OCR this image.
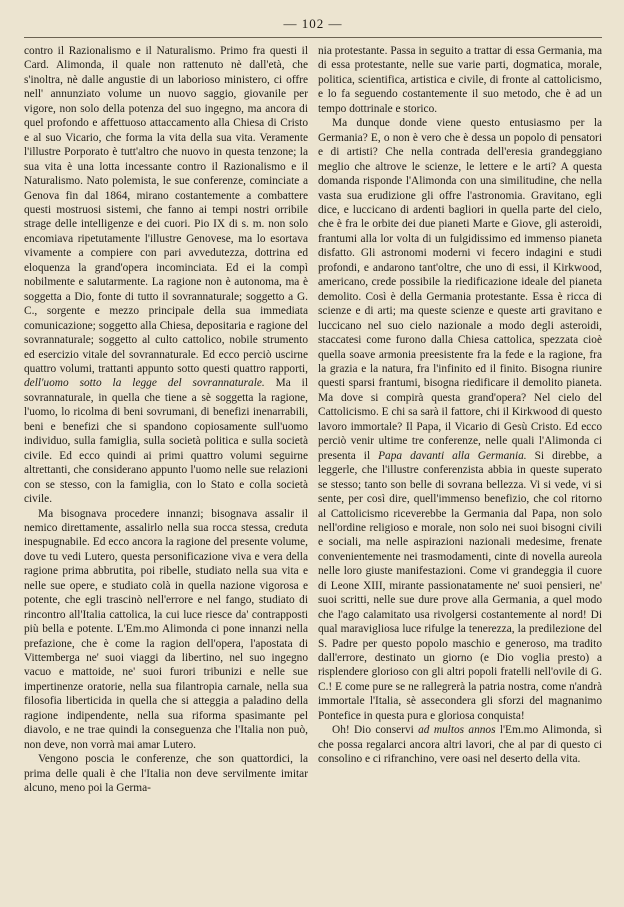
— 102 —

contro il Razionalismo e il Naturalismo. Primo fra questi il Card. Alimonda, il quale non rattenuto nè dall'età, che s'inoltra, nè dalle angustie di un laborioso ministero, ci offre nell' annunziato volume un nuovo saggio, giovanile per vigore, non solo della potenza del suo ingegno, ma ancora di quel profondo e affettuoso attaccamento alla Chiesa di Cristo e al suo Vicario, che forma la vita della sua vita. Veramente l'illustre Porporato è tutt'altro che nuovo in questa tenzone; la sua vita è una lotta incessante contro il Razionalismo e il Naturalismo. Nato polemista, le sue conferenze, cominciate a Genova fin dal 1864, mirano costantemente a combattere questi mostruosi sistemi, che fanno ai tempi nostri orribile strage delle intelligenze e dei cuori. Pio IX di s. m. non solo encomiava ripetutamente l'illustre Genovese, ma lo esortava vivamente a compiere con pari avvedutezza, dottrina ed eloquenza la grand'opera incominciata. Ed ei la compì nobilmente e salutarmente. La ragione non è autonoma, ma è soggetta a Dio, fonte di tutto il sovrannaturale; soggetto a G. C., sorgente e mezzo principale della sua immediata comunicazione; soggetto alla Chiesa, depositaria e ragione del sovrannaturale; soggetto al culto cattolico, nobile strumento ed esercizio vitale del sovrannaturale. Ed ecco perciò uscirne quattro volumi, trattanti appunto sotto questi quattro rapporti, dell'uomo sotto la legge del sovrannaturale. Ma il sovrannaturale, in quella che tiene a sè soggetta la ragione, l'uomo, lo ricolma di beni sovrumani, di benefizi inenarrabili, beni e benefizi che si spandono copiosamente sull'uomo individuo, sulla famiglia, sulla società politica e sulla società civile. Ed ecco quindi ai primi quattro volumi seguirne altrettanti, che considerano appunto l'uomo nelle sue relazioni con se stesso, con la famiglia, con lo Stato e colla società civile.

Ma bisognava procedere innanzi; bisognava assalir il nemico direttamente, assalirlo nella sua rocca stessa, creduta inespugnabile. Ed ecco ancora la ragione del presente volume, dove tu vedi Lutero, questa personificazione viva e vera della ragione prima abbrutita, poi ribelle, studiato nella sua vita e nelle sue opere, e studiato colà in quella nazione vigorosa e potente, che egli trascinò nell'errore e nel fango, studiato di rincontro all'Italia cattolica, la cui luce riesce da' contrapposti più bella e potente. L'Em.mo Alimonda ci pone innanzi nella prefazione, che è come la ragion dell'opera, l'apostata di Vittemberga ne' suoi viaggi da libertino, nel suo ingegno vacuo e mattoide, ne' suoi furori tribunizi e nelle sue impertinenze oratorie, nella sua filantropia carnale, nella sua filosofia liberticida in quella che si atteggia a paladino della ragione indipendente, nella sua riforma spasimante pel diavolo, e ne trae quindi la conseguenza che l'Italia non può, non deve, non vorrà mai amar Lutero.

Vengono poscia le conferenze, che son quattordici, la prima delle quali è che l'Italia non deve servilmente imitar alcuno, meno poi la Germa-

nia protestante. Passa in seguito a trattar di essa Germania, ma di essa protestante, nelle sue varie parti, dogmatica, morale, politica, scientifica, artistica e civile, di fronte al cattolicismo, e lo fa seguendo costantemente il suo metodo, che è ad un tempo dottrinale e storico.

Ma dunque donde viene questo entusiasmo per la Germania? E, o non è vero che è dessa un popolo di pensatori e di artisti? Che nella contrada dell'eresia grandeggiano meglio che altrove le scienze, le lettere e le arti? A questa domanda risponde l'Alimonda con una similitudine, che nella vasta sua erudizione gli offre l'astronomia. Gravitano, egli dice, e luccicano di ardenti bagliori in quella parte del cielo, che è fra le orbite dei due pianeti Marte e Giove, gli asteroidi, frantumi alla lor volta di un fulgidissimo ed immenso pianeta disfatto. Gli astronomi moderni vi fecero indagini e studi profondi, e andarono tant'oltre, che uno di essi, il Kirkwood, americano, crede possibile la riedificazione ideale del pianeta demolito. Così è della Germania protestante. Essa è ricca di scienze e di arti; ma queste scienze e queste arti gravitano e luccicano nel suo cielo nazionale a modo degli asteroidi, staccatesi come furono dalla Chiesa cattolica, spezzata cioè quella soave armonia preesistente fra la fede e la ragione, fra la grazia e la natura, fra l'infinito ed il finito. Bisogna riunire questi sparsi frantumi, bisogna riedificare il demolito pianeta. Ma dove si compirà questa grand'opera? Nel cielo del Cattolicismo. E chi sa sarà il fattore, chi il Kirkwood di questo lavoro immortale? Il Papa, il Vicario di Gesù Cristo. Ed ecco perciò venir ultime tre conferenze, nelle quali l'Alimonda ci presenta il Papa davanti alla Germania. Si direbbe, a leggerle, che l'illustre conferenzista abbia in queste superato se stesso; tanto son belle di sovrana bellezza. Vi si vede, vi si sente, per così dire, quell'immenso benefizio, che col ritorno al Cattolicismo riceverebbe la Germania dal Papa, non solo nell'ordine religioso e morale, non solo nei suoi bisogni civili e sociali, ma nelle aspirazioni nazionali medesime, frenate convenientemente nei trasmodamenti, cinte di novella aureola nelle loro giuste manifestazioni. Come vi grandeggia il cuore di Leone XIII, mirante passionatamente ne' suoi pensieri, ne' suoi scritti, nelle sue dure prove alla Germania, a quel modo che l'ago calamitato usa rivolgersi costantemente al nord! Di qual maravigliosa luce rifulge la tenerezza, la predilezione del S. Padre per questo popolo maschio e generoso, ma tradito dall'errore, destinato un giorno (e Dio voglia presto) a risplendere glorioso con gli altri popoli fratelli nell'ovile di G. C.! E come pure se ne rallegrerà la patria nostra, come n'andrà immortale l'Italia, sè assecondera gli sforzi del magnanimo Pontefice in questa pura e gloriosa conquista!

Oh! Dio conservi ad multos annos l'Em.mo Alimonda, sì che possa regalarci ancora altri lavori, che al par di questo ci consolino e ci rifranchino, vere oasi nel deserto della vita.
